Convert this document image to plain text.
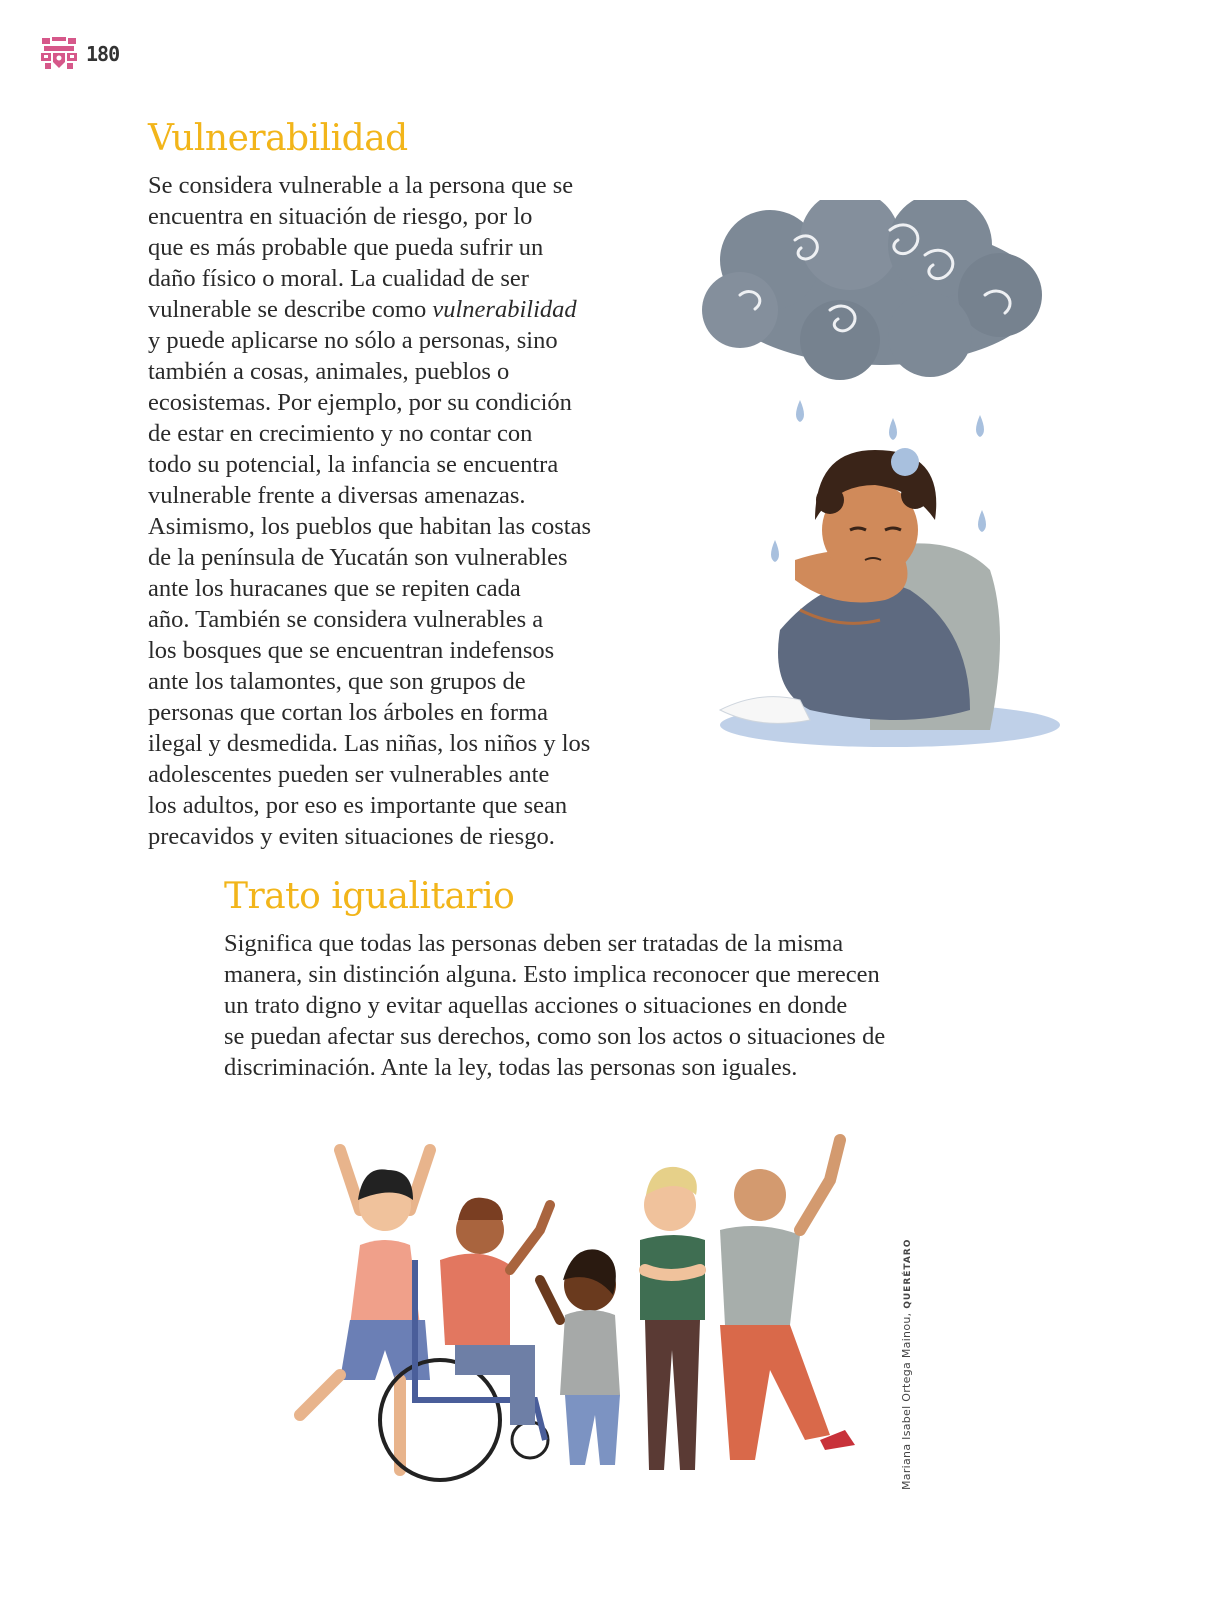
180
Vulnerabilidad
Se considera vulnerable a la persona que se
encuentra en situación de riesgo, por lo
que es más probable que pueda sufrir un
daño físico o moral. La cualidad de ser
vulnerable se describe como vulnerabilidad
y puede aplicarse no sólo a personas, sino
también a cosas, animales, pueblos o
ecosistemas. Por ejemplo, por su condición
de estar en crecimiento y no contar con
todo su potencial, la infancia se encuentra
vulnerable frente a diversas amenazas.
Asimismo, los pueblos que habitan las costas
de la península de Yucatán son vulnerables
ante los huracanes que se repiten cada
año. También se considera vulnerables a
los bosques que se encuentran indefensos
ante los talamontes, que son grupos de
personas que cortan los árboles en forma
ilegal y desmedida. Las niñas, los niños y los
adolescentes pueden ser vulnerables ante
los adultos, por eso es importante que sean
precavidos y eviten situaciones de riesgo.
Trato igualitario
Significa que todas las personas deben ser tratadas de la misma
manera, sin distinción alguna. Esto implica reconocer que merecen
un trato digno y evitar aquellas acciones o situaciones en donde
se puedan afectar sus derechos, como son los actos o situaciones de
discriminación. Ante la ley, todas las personas son iguales.
Mariana Isabel Ortega Mainou, QUERÉTARO
